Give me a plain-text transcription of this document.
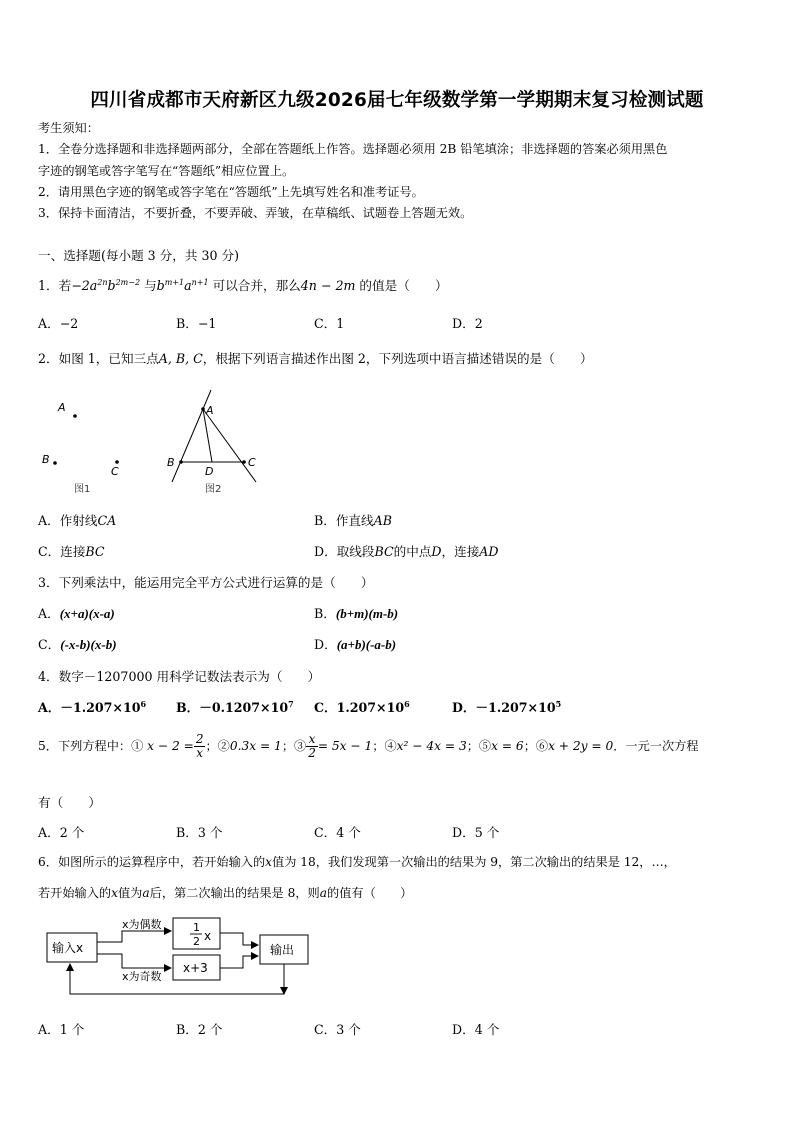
四川省成都市天府新区九级2026届七年级数学第一学期期末复习检测试题
考生须知：
1．全卷分选择题和非选择题两部分，全部在答题纸上作答。选择题必须用 2B 铅笔填涂；非选择题的答案必须用黑色
字迹的钢笔或答字笔写在“答题纸”相应位置上。
2．请用黑色字迹的钢笔或答字笔在“答题纸”上先填写姓名和准考证号。
3．保持卡面清洁，不要折叠，不要弄破、弄皱，在草稿纸、试题卷上答题无效。
一、选择题(每小题 3 分，共 30 分)
1．若$-2a^{2n}b^{2m-2}$ 与$b^{m+1}a^{n+1}$ 可以合并，那么4n − 2m 的值是（　　）
A．−2	B．−1	C．1	D．2
2．如图 1，已知三点A, B, C，根据下列语言描述作出图 2，下列选项中语言描述错误的是（　　）
A
B
C
图1
A
B	C
D
图2
A．作射线CA	B．作直线AB
C．连接BC	D．取线段BC的中点D，连接AD
3．下列乘法中，能运用完全平方公式进行运算的是（　　）
A．(x+a)(x-a)	B．(b+m)(m-b)
C．(-x-b)(x-b)	D．(a+b)(-a-b)
4．数字－1207000 用科学记数法表示为（　　）
A．$-1.207\times 10^6$ B．$-0.1207\times 10^7$ C．$1.207\times 10^6$	D．$-1.207\times 10^5$
5．下列方程中：① $x - 2 = \frac{2}{x}$ ；②0.3x = 1；③ $\frac{x}{2} = 5x - 1$；④x² − 4x = 3；⑤x = 6；⑥x + 2y = 0．一元一次方程
有（　　）
A．2 个	B．3 个	C．4 个	D．5 个
6．如图所示的运算程序中，若开始输入的x值为 18，我们发现第一次输出的结果为 9，第二次输出的结果是 12，…，
若开始输入的x值为a后，第二次输出的结果是 8，则a的值有（　　）
输入x
1
2 x
x+3
输出
x为偶数
x为奇数
A．1 个	B．2 个	C．3 个	D．4 个
